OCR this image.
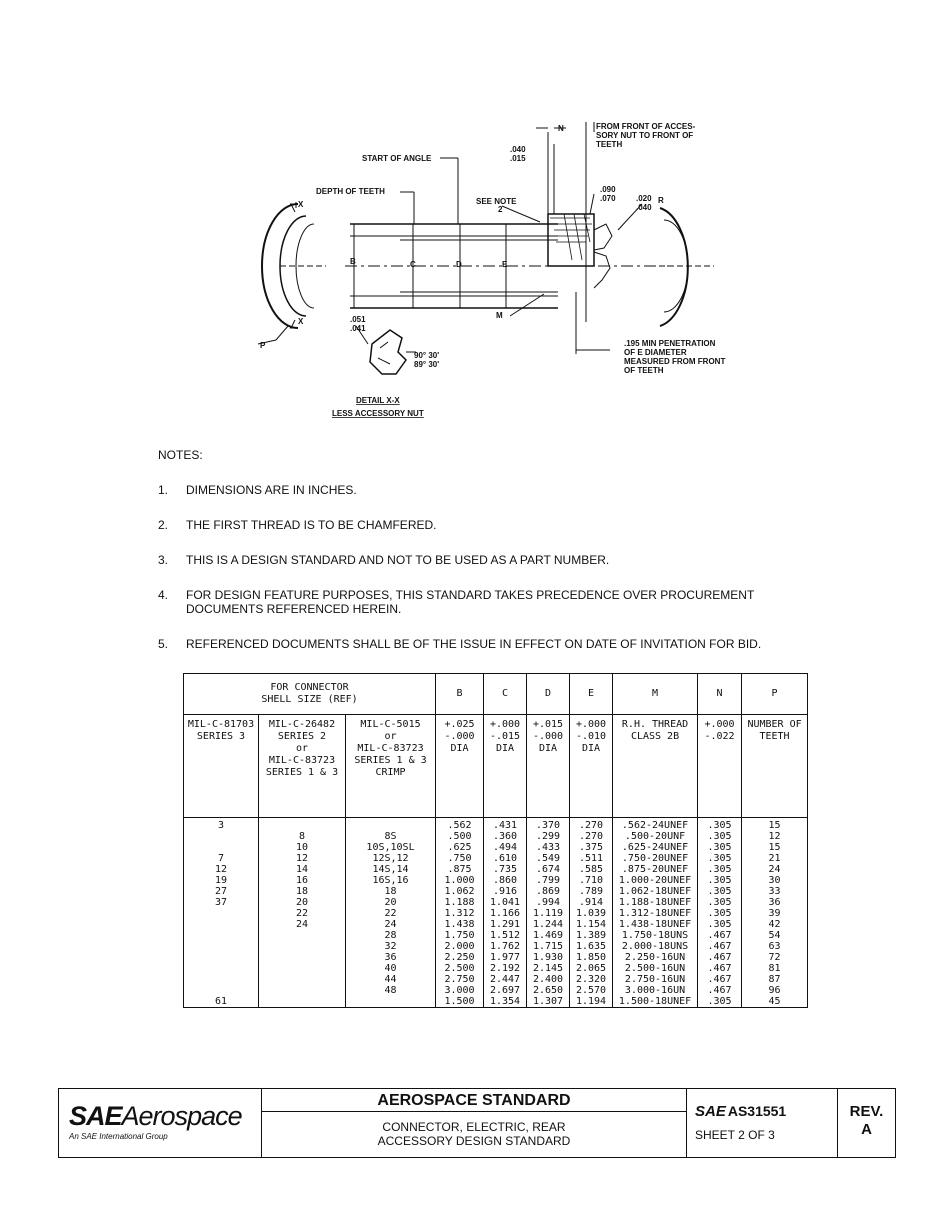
START OF ANGLE
DEPTH OF TEETH
.040
.015
N	FROM FRONT OF ACCES-
SORY NUT TO FRONT OF
TEETH
SEE NOTE
2
.090
.070	.020
.040
R
X
X
P
B	C	D	E
M
.051
.041
90° 30'
89° 30'
DETAIL X-X
LESS ACCESSORY NUT
.195 MIN PENETRATION
OF E DIAMETER
MEASURED FROM FRONT
OF TEETH
NOTES:
1.	DIMENSIONS ARE IN INCHES.
2.	THE FIRST THREAD IS TO BE CHAMFERED.
3.	THIS IS A DESIGN STANDARD AND NOT TO BE USED AS A PART NUMBER.
4.	FOR DESIGN FEATURE PURPOSES, THIS STANDARD TAKES PRECEDENCE OVER PROCUREMENT DOCUMENTS REFERENCED HEREIN.
5.	REFERENCED DOCUMENTS SHALL BE OF THE ISSUE IN EFFECT ON DATE OF INVITATION FOR BID.
FOR CONNECTOR
SHELL SIZE (REF)			B	C	D	E	M	N	P
MIL-C-81703
SERIES 3	MIL-C-26482
SERIES 2
or
MIL-C-83723
SERIES 1 & 3	MIL-C-5015
or
MIL-C-83723
SERIES 1 & 3
CRIMP	+.025
-.000
DIA	+.000
-.015
DIA	+.015
-.000
DIA	+.000
-.010
DIA	R.H. THREAD
CLASS 2B	+.000
-.022	NUMBER OF
TEETH
3			.562	.431	.370	.270	.562-24UNEF	.305	15
	8	8S	.500	.360	.299	.270	.500-20UNF	.305	12
	10	10S,10SL	.625	.494	.433	.375	.625-24UNEF	.305	15
7	12	12S,12	.750	.610	.549	.511	.750-20UNEF	.305	21
12	14	14S,14	.875	.735	.674	.585	.875-20UNEF	.305	24
19	16	16S,16	1.000	.860	.799	.710	1.000-20UNEF	.305	30
27	18	18	1.062	.916	.869	.789	1.062-18UNEF	.305	33
37	20	20	1.188	1.041	.994	.914	1.188-18UNEF	.305	36
	22	22	1.312	1.166	1.119	1.039	1.312-18UNEF	.305	39
	24	24	1.438	1.291	1.244	1.154	1.438-18UNEF	.305	42
		28	1.750	1.512	1.469	1.389	1.750-18UNS	.467	54
		32	2.000	1.762	1.715	1.635	2.000-18UNS	.467	63
		36	2.250	1.977	1.930	1.850	2.250-16UN	.467	72
		40	2.500	2.192	2.145	2.065	2.500-16UN	.467	81
		44	2.750	2.447	2.400	2.320	2.750-16UN	.467	87
		48	3.000	2.697	2.650	2.570	3.000-16UN	.467	96
61			1.500	1.354	1.307	1.194	1.500-18UNEF	.305	45
SAEAerospace
An SAE International Group
AEROSPACE STANDARD
CONNECTOR, ELECTRIC, REAR
ACCESSORY DESIGN STANDARD
SAE AS31551
SHEET 2 OF 3
REV.
A
